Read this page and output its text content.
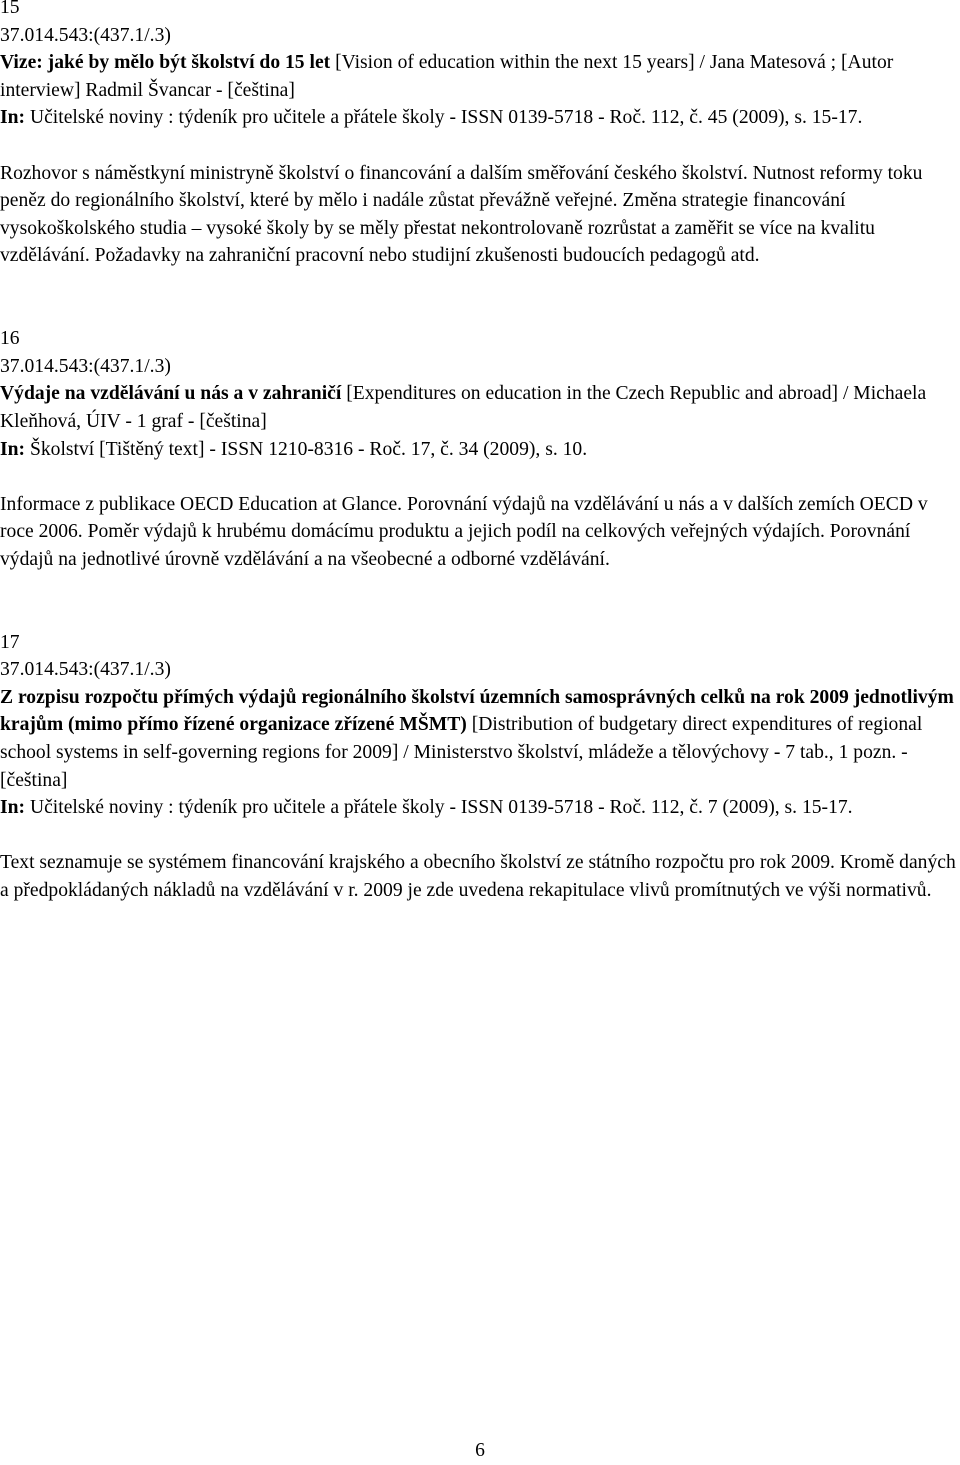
15

37.014.543:(437.1/.3)

Vize: jaké by mělo být školství do 15 let [Vision of education within the next 15 years] / Jana Matesová ; [Autor interview] Radmil Švancar - [čeština]
In: Učitelské noviny : týdeník pro učitele a přátele školy - ISSN 0139-5718 - Roč. 112, č. 45 (2009), s. 15-17.

Rozhovor s náměstkyní ministryně školství o financování a dalším směřování českého školství. Nutnost reformy toku peněz do regionálního školství, které by mělo i nadále zůstat převážně veřejné. Změna strategie financování vysokoškolského studia – vysoké školy by se měly přestat nekontrolovaně rozrůstat a zaměřit se více na kvalitu vzdělávání. Požadavky na zahraniční pracovní nebo studijní zkušenosti budoucích pedagogů atd.

16

37.014.543:(437.1/.3)

Výdaje na vzdělávání u nás a v zahraničí [Expenditures on education in the Czech Republic and abroad] / Michaela Kleňhová, ÚIV - 1 graf - [čeština]
In: Školství [Tištěný text] - ISSN 1210-8316 - Roč. 17, č. 34 (2009), s. 10.

Informace z publikace OECD Education at Glance. Porovnání výdajů na vzdělávání u nás a v dalších zemích OECD v roce 2006. Poměr výdajů k hrubému domácímu produktu a jejich podíl na celkových veřejných výdajích. Porovnání výdajů na jednotlivé úrovně vzdělávání a na všeobecné a odborné vzdělávání.

17

37.014.543:(437.1/.3)

Z rozpisu rozpočtu přímých výdajů regionálního školství územních samosprávných celků na rok 2009 jednotlivým krajům (mimo přímo řízené organizace zřízené MŠMT) [Distribution of budgetary direct expenditures of regional school systems in self-governing regions for 2009] / Ministerstvo školství, mládeže a tělovýchovy - 7 tab., 1 pozn. - [čeština]
In: Učitelské noviny : týdeník pro učitele a přátele školy - ISSN 0139-5718 - Roč. 112, č. 7 (2009), s. 15-17.

Text seznamuje se systémem financování krajského a obecního školství ze státního rozpočtu pro rok 2009. Kromě daných a předpokládaných nákladů na vzdělávání v r. 2009 je zde uvedena rekapitulace vlivů promítnutých ve výši normativů.

6
